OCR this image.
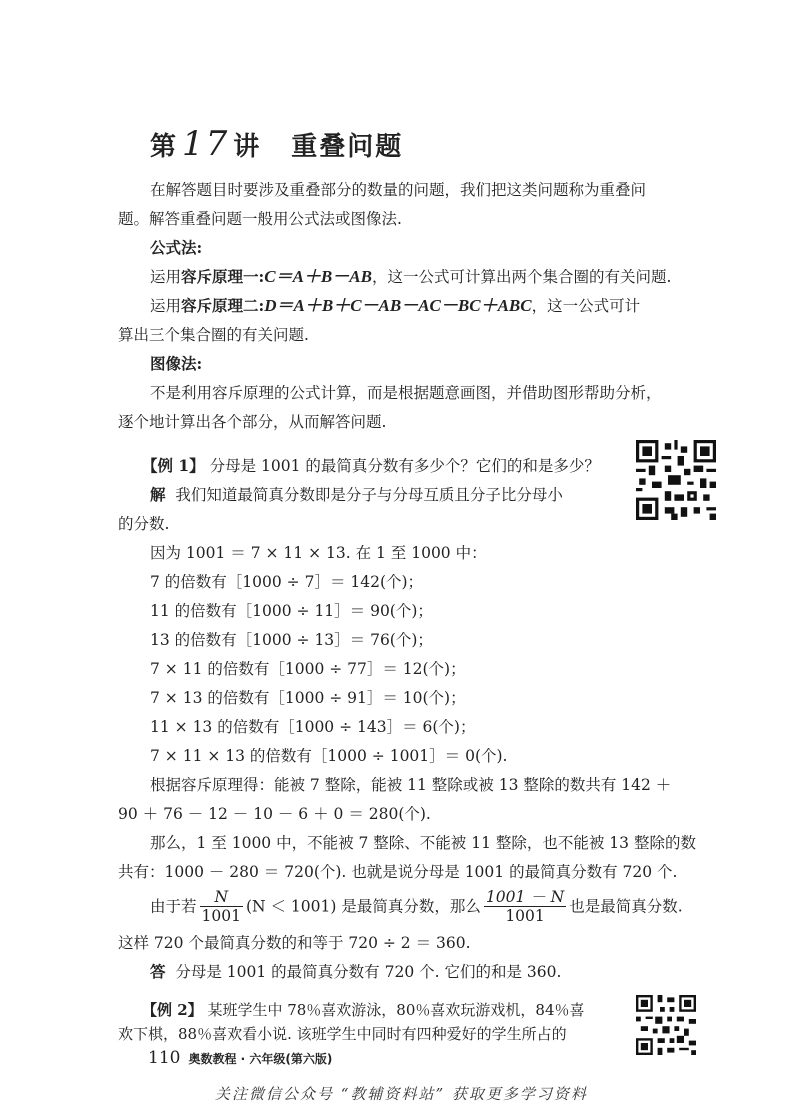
第 17 讲 重叠问题
在解答题目时要涉及重叠部分的数量的问题，我们把这类问题称为重叠问
题。解答重叠问题一般用公式法或图像法.
公式法:
运用容斥原理一:C＝A＋B－AB，这一公式可计算出两个集合圈的有关问题.
运用容斥原理二:D＝A＋B＋C－AB－AC－BC＋ABC，这一公式可计
算出三个集合圈的有关问题.
图像法:
不是利用容斥原理的公式计算，而是根据题意画图，并借助图形帮助分析，
逐个地计算出各个部分，从而解答问题.
【例 1】 分母是 1001 的最简真分数有多少个？它们的和是多少？
解 我们知道最简真分数即是分子与分母互质且分子比分母小
的分数.
因为 1001 ＝ 7 × 11 × 13. 在 1 至 1000 中：
7 的倍数有［1000 ÷ 7］＝ 142(个)；
11 的倍数有［1000 ÷ 11］＝ 90(个)；
13 的倍数有［1000 ÷ 13］＝ 76(个)；
7 × 11 的倍数有［1000 ÷ 77］＝ 12(个)；
7 × 13 的倍数有［1000 ÷ 91］＝ 10(个)；
11 × 13 的倍数有［1000 ÷ 143］＝ 6(个)；
7 × 11 × 13 的倍数有［1000 ÷ 1001］＝ 0(个).
根据容斥原理得：能被 7 整除，能被 11 整除或被 13 整除的数共有 142 ＋
90 ＋ 76 － 12 － 10 － 6 ＋ 0 ＝ 280(个).
那么，1 至 1000 中，不能被 7 整除、不能被 11 整除，也不能被 13 整除的数
共有：1000 － 280 ＝ 720(个). 也就是说分母是 1001 的最简真分数有 720 个.
由于若 $\frac{N}{1001} (N < 1001)$ 是最简真分数，那么 $\frac{1001 - N}{1001}$ 也是最简真分数.
这样 720 个最简真分数的和等于 720 ÷ 2 ＝ 360.
答 分母是 1001 的最简真分数有 720 个. 它们的和是 360.
【例 2】 某班学生中 78％喜欢游泳，80％喜欢玩游戏机，84％喜
欢下棋，88％喜欢看小说. 该班学生中同时有四种爱好的学生所占的
110 奥数教程 · 六年级(第六版)
关注微信公众号 “教辅资料站” 获取更多学习资料
